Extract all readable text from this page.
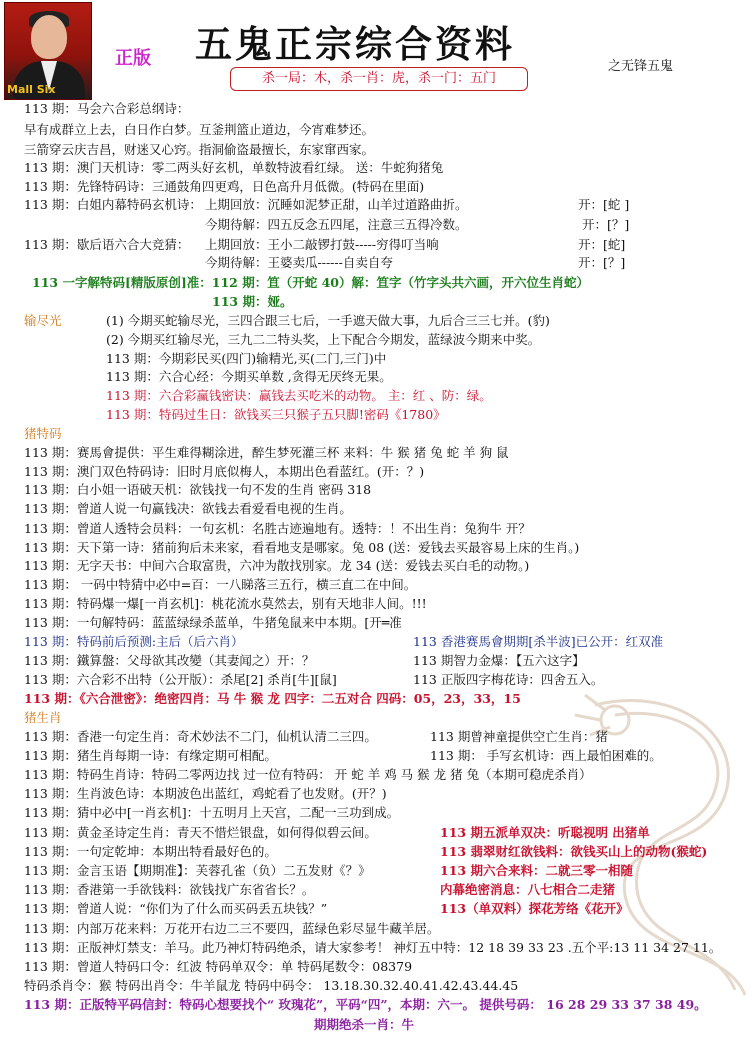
Mall Six
正版 五鬼正宗综合资料
之无锋五鬼
杀一局：木，杀一肖：虎，杀一门：五门
113 期：马会六合彩总纲诗：
早有成群立上去，白日作白梦。互釜荆篮止道边，今宵难梦还。
三箭穿云庆吉昌，财迷又心窍。指洞偷盗最擅长，东家窜西家。
113 期：澳门天机诗：零二两头好玄机，单数特波看红绿。 送：牛蛇狗猪兔
113 期：先锋特码诗：三通鼓角四更鸡，日色高升月低微。(特码在里面)
113 期：白姐内幕特码玄机诗： 上期回放：沉睡如泥梦正甜，山羊过道路曲折。	开：[蛇 ]
今期待解：四五反念五四尾，注意三五得冷数。	开：[？]
113 期：歇后语六合大竞猜： 上期回放：王小二敲锣打鼓-----穷得叮当响	开：[蛇]
今期待解：王婆卖瓜------自卖自夸	开：[？]
113 一字解特码[精版原创]准：112 期：笪（开蛇 40）解：笪字（竹字头共六画，开六位生肖蛇）
113 期：娅。
输尽光	(1) 今期买蛇输尽光，三四合跟三七后，一手遮天做大事，九后合三三七并。(豹)
(2) 今期买红输尽光，三九二二特头奖，上下配合今期发，蓝绿波今期来中奖。
113 期：今期彩民买(四门)输精光,买(二门,三门)中
113 期：六合心经：今期买单数 ,贪得无厌终无果。
113 期：六合彩赢钱密诀：赢钱去买吃米的动物。 主：红 、防：绿。
113 期：特码过生日：欲钱买三只猴子五只脚!密码《1780》
猪特码
113 期：赛馬會提供：平生难得糊涂进，醉生梦死灌三杯 来料：牛 猴 猪 兔 蛇 羊 狗 鼠
113 期：澳门双色特码诗：旧时月底似梅人，本期出色看蓝红。(开：？)
113 期：白小姐一语破天机：欲钱找一句不发的生肖 密码 318
113 期：曾道人说一句赢钱决：欲钱去看爱看电视的生肖。
113 期：曾道人透特会员料：一句玄机：名胜古迹遍地有。透特：！不出生肖：兔狗牛 开？
113 期：天下第一诗：猪前狗后未来家，看看地支是哪家。兔 08 (送：爱钱去买最容易上床的生肖。)
113 期：无字天书：中间六合取富贵，六冲为散找別家。龙 34 (送：爱钱去买白毛的动物。)
113 期： 一码中特猜中必中=百：一八睇落三五行，横三直二在中间。
113 期：特码爆一爆[一肖玄机]：桃花流水莫然去，别有天地非人间。!!!
113 期：一句解特码：蓝蓝绿绿杀蓝单，牛猪兔鼠来中本期。[开═准
113 期：特码前后预测:主后（后六肖）	113 香港赛馬會期期[杀半波]已公开：红双准
113 期：鐵算盤：父母欲其改變（其妻闻之）开：？	113 期智力金爆：【五六这字】
113 期：六合彩不出特（公开版）：杀尾[2] 杀肖[牛][鼠]	113 正版四字梅花诗：四舍五入。
113 期：《六合泄密》：绝密四肖：马 牛 猴 龙 四字：二五对合 四码：05，23，33，15
猪生肖
113 期：香港一句定生肖：奇术妙法不二门，仙机认清二三四。	113 期曾神童提供空亡生肖：猪
113 期：猪生肖每期一诗：有缘定期可相配。	113 期： 手写玄机诗：西上最怕困难的。
113 期：特码生肖诗：特码二零两边找 过一位有特码： 开 蛇 羊 鸡 马 猴 龙 猪 兔（本期可稳虎杀肖）
113 期：生肖波色诗：本期波色出蓝红，鸡蛇看了也发财。(开？)
113 期：猜中必中[一肖玄机]：十五明月上天宫，二配一三功到成。
113 期：黄金圣诗定生肖：青天不惜烂银盘，如何得似碧云间。	113 期五派单双决：听聪视明 出猪单
113 期：一句定乾坤：本期出特看最好色的。	113 翡翠财红欲钱料：欲钱买山上的动物(猴蛇)
113 期：金言玉语【期期准】：芙蓉孔雀（负）二五发财《？》	113 期六合来料：二就三零一相随
113 期：香港第一手欲钱料：欲钱找广东省省长？。	内幕绝密消息：八七相合二走猪
113 期：曾道人说：“你们为了什么而买码丢五块钱？”	113（单双料）探花芳络《花开》
113 期：内部万花来料：万花开右边二三不要四，蓝绿色彩尽显牛藏羊居。
113 期：正版神灯禁支：羊马。此乃神灯特码绝杀，请大家参考！ 神灯五中特：12 18 39 33 23 .五个平:13 11 34 27 11。
113 期：曾道人特码口令：红波 特码单双令：单 特码尾数令：08379
特码杀肖令：猴 特码出肖令：牛羊鼠龙 特码中码令： 13.18.30.32.40.41.42.43.44.45
113 期：正版特平码信封：特码心想要找个“ 玫瑰花”，平码“四”，本期：六一。 提供号码： 16 28 29 33 37 38 49。
期期绝杀一肖：牛
